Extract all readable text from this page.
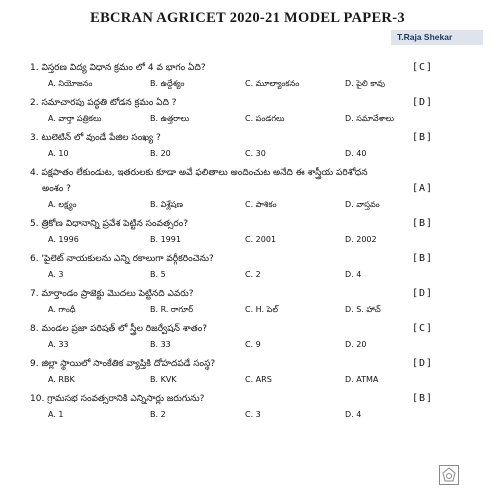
EBCRAN AGRICET 2020-21 MODEL PAPER-3
T.Raja Shekar
1. విస్తరణ విద్య విధాన క్రమం లో 4 వ భాగం ఏది?	[C]
A. నియోజనం	B. ఉద్దేశ్యం	C. మూల్యాంకనం	D. పైలి కావు
2. సమాచారపు పద్ధతి టోడన క్రమం ఏది ?	[D]
A. వార్తా పత్రికలు	B. ఉత్తరాలు	C. పండగలు	D. సమావేశాలు
3. టులెటిన్ లో వుండే పేజిల సంఖ్య ?	[B]
A. 10	B. 20	C. 30	D. 40
4. పక్షపాతం లేకుండుట, ఇతరులకు కూడా అవే ఫలితాలు అందించుట అనేది ఈ శాస్త్రీయ పరిశోధన
అంశం ?	[A]
A. లక్ష్యం	B. విశ్లేషణ	C. పాశికం	D. వాస్తవం
5. త్రికోణ విధానాన్ని ప్రవేశ పెట్టిన సంవత్సరం?	[B]
A. 1996	B. 1991	C. 2001	D. 2002
6. 'పైలెట్ నాయకులను ఎన్ని రకాలుగా వర్గీకరించెను?	[B]
A. 3	B. 5	C. 2	D. 4
7. మార్తాండం ప్రాజెక్టు మొదలు పెట్టినది ఎవరు?	[D]
A. గాంధీ	B. R. రాగూర్	C. H. పెల్	D. S. హాచ్
8. మండల ప్రజా పరిషత్ లో స్త్రీల రిజర్వేషన్ శాతం?	[C]
A. 33	B. 33	C. 9	D. 20
9. జిల్లా స్థాయిలో సాంకేతిక వ్యాప్తికి దోహదపడే సంస్థ?	[D]
A. RBK	B. KVK	C. ARS	D. ATMA
10. గ్రామసభ సంవత్సరానికి ఎన్నిసార్లు జరుగును?	[B]
A. 1	B. 2	C. 3	D. 4
